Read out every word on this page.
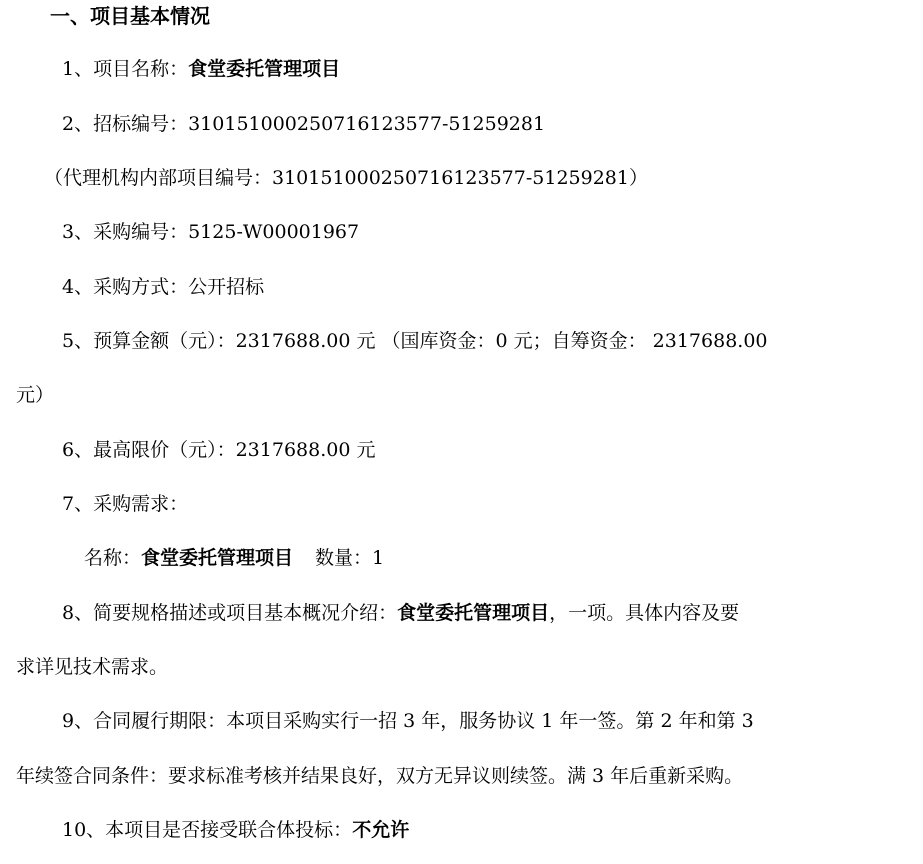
一、项目基本情况
1、项目名称：食堂委托管理项目
2、招标编号：310151000250716123577-51259281
（代理机构内部项目编号：310151000250716123577-51259281）
3、采购编号：5125-W00001967
4、采购方式：公开招标
5、预算金额（元）：2317688.00 元 （国库资金：0 元；自筹资金： 2317688.00
元）
6、最高限价（元）：2317688.00 元
7、采购需求：
名称：食堂委托管理项目 数量：1
8、简要规格描述或项目基本概况介绍：食堂委托管理项目，一项。具体内容及要
求详见技术需求。
9、合同履行期限：本项目采购实行一招 3 年，服务协议 1 年一签。第 2 年和第 3
年续签合同条件：要求标准考核并结果良好，双方无异议则续签。满 3 年后重新采购。
10、本项目是否接受联合体投标：不允许
